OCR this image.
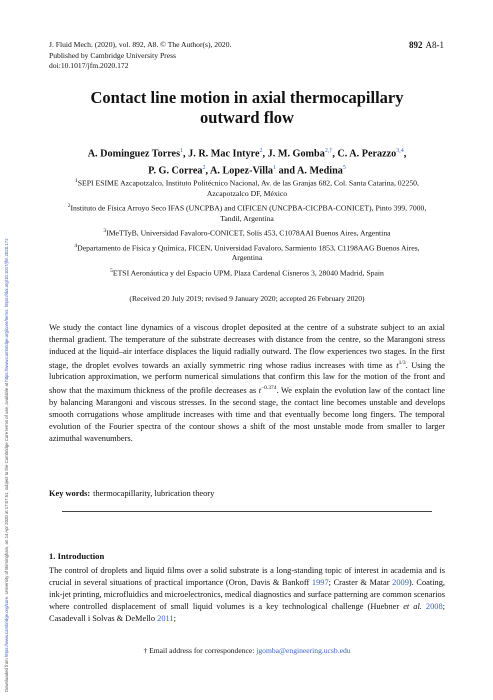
Downloaded from https://www.cambridge.org/core. University of Birmingham, on 14 Apr 2020 at 17:07:51, subject to the Cambridge Core terms of use, available at https://www.cambridge.org/core/terms. https://doi.org/10.1017/jfm.2020.172
J. Fluid Mech. (2020), vol. 892, A8. © The Author(s), 2020.
Published by Cambridge University Press
doi:10.1017/jfm.2020.172
892 A8-1
Contact line motion in axial thermocapillary
outward flow
A. Dominguez Torres$^1$, J. R. Mac Intyre$^2$, J. M. Gomba$^{2,\dagger}$, C. A. Perazzo$^{3,4}$,
P. G. Correa$^2$, A. Lopez-Villa$^1$ and A. Medina$^5$
$^1$SEPI ESIME Azcapotzalco, Instituto Politécnico Nacional, Av. de las Granjas 682, Col. Santa Catarina, 02250, Azcapotzalco DF, México
$^2$Instituto de Física Arroyo Seco IFAS (UNCPBA) and CIFICEN (UNCPBA-CICPBA-CONICET), Pinto 399, 7000, Tandil, Argentina
$^3$IMeTTyB, Universidad Favaloro-CONICET, Solís 453, C1078AAI Buenos Aires, Argentina
$^4$Departamento de Física y Química, FICEN, Universidad Favaloro, Sarmiento 1853, C1198AAG Buenos Aires, Argentina
$^5$ETSI Aeronáutica y del Espacio UPM, Plaza Cardenal Cisneros 3, 28040 Madrid, Spain
(Received 20 July 2019; revised 9 January 2020; accepted 26 February 2020)
We study the contact line dynamics of a viscous droplet deposited at the centre of a substrate subject to an axial thermal gradient. The temperature of the substrate decreases with distance from the centre, so the Marangoni stress induced at the liquid–air interface displaces the liquid radially outward. The flow experiences two stages. In the first stage, the droplet evolves towards an axially symmetric ring whose radius increases with time as $t^{1/3}$. Using the lubrication approximation, we perform numerical simulations that confirm this law for the motion of the front and show that the maximum thickness of the profile decreases as $t^{-0.374}$. We explain the evolution law of the contact line by balancing Marangoni and viscous stresses. In the second stage, the contact line becomes unstable and develops smooth corrugations whose amplitude increases with time and that eventually become long fingers. The temporal evolution of the Fourier spectra of the contour shows a shift of the most unstable mode from smaller to larger azimuthal wavenumbers.
Key words: thermocapillarity, lubrication theory
1. Introduction
The control of droplets and liquid films over a solid substrate is a long-standing topic of interest in academia and is crucial in several situations of practical importance (Oron, Davis & Bankoff 1997; Craster & Matar 2009). Coating, ink-jet printing, microfluidics and microelectronics, medical diagnostics and surface patterning are common scenarios where controlled displacement of small liquid volumes is a key technological challenge (Huebner et al. 2008; Casadevall i Solvas & DeMello 2011;
† Email address for correspondence: jgomba@engineering.ucsb.edu
